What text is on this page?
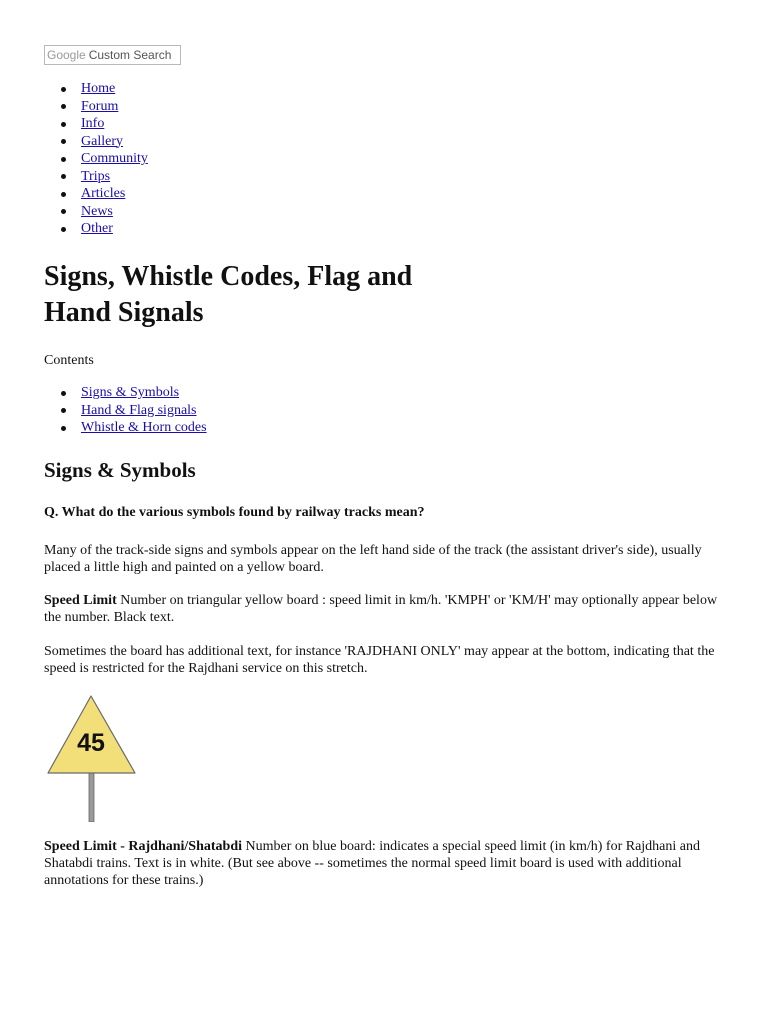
Google Custom Search
Home
Forum
Info
Gallery
Community
Trips
Articles
News
Other
Signs, Whistle Codes, Flag and Hand Signals
Contents
Signs & Symbols
Hand & Flag signals
Whistle & Horn codes
Signs & Symbols
Q. What do the various symbols found by railway tracks mean?

Many of the track-side signs and symbols appear on the left hand side of the track (the assistant driver's side), usually placed a little high and painted on a yellow board.

Speed Limit Number on triangular yellow board : speed limit in km/h. 'KMPH' or 'KM/H' may optionally appear below the number. Black text.

Sometimes the board has additional text, for instance 'RAJDHANI ONLY' may appear at the bottom, indicating that the speed is restricted for the Rajdhani service on this stretch.

45

Speed Limit - Rajdhani/Shatabdi Number on blue board: indicates a special speed limit (in km/h) for Rajdhani and Shatabdi trains. Text is in white. (But see above -- sometimes the normal speed limit board is used with additional annotations for these trains.)
